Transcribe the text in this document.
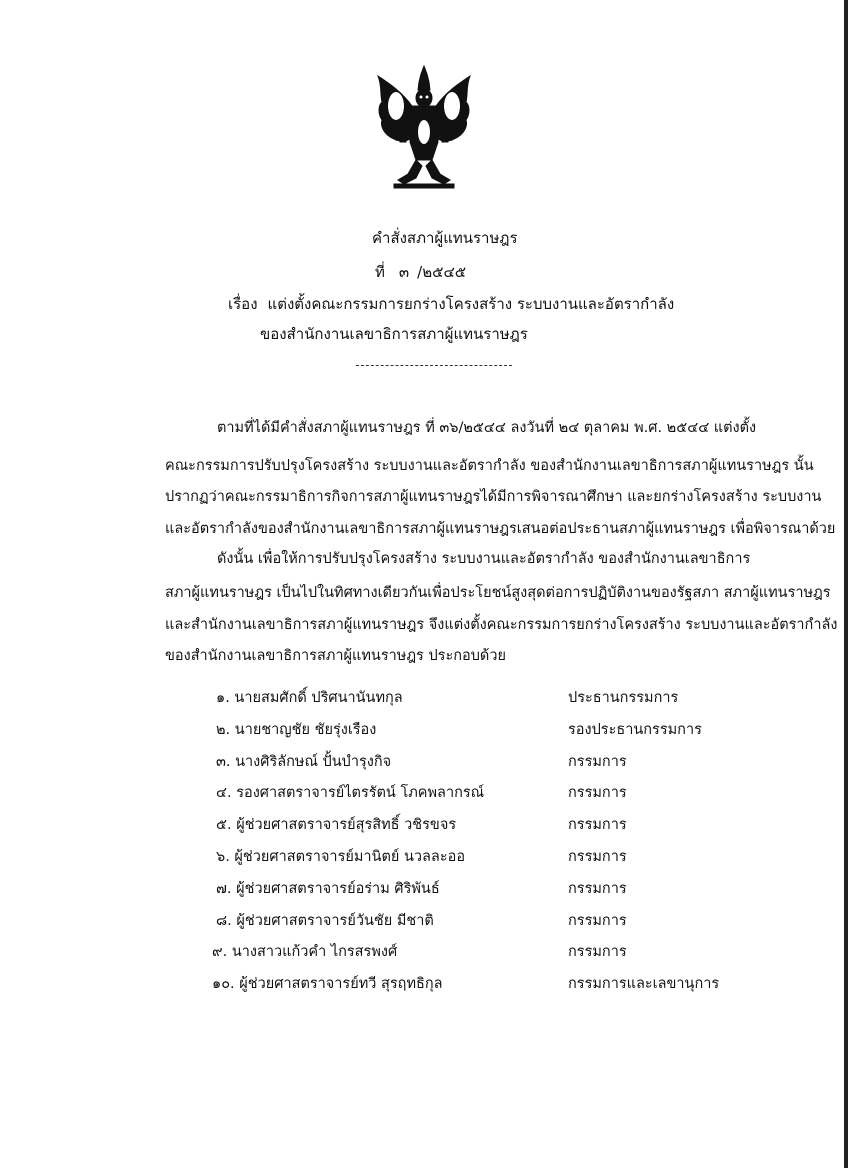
คำสั่งสภาผู้แทนราษฎร
ที่ ๓ /๒๕๔๕
เรื่อง แต่งตั้งคณะกรรมการยกร่างโครงสร้าง ระบบงานและอัตรากำลัง
ของสำนักงานเลขาธิการสภาผู้แทนราษฎร
ตามที่ได้มีคำสั่งสภาผู้แทนราษฎร ที่ ๓๖/๒๕๔๔ ลงวันที่ ๒๔ ตุลาคม พ.ศ. ๒๕๔๔ แต่งตั้ง
คณะกรรมการปรับปรุงโครงสร้าง ระบบงานและอัตรากำลัง ของสำนักงานเลขาธิการสภาผู้แทนราษฎร นั้น
ปรากฏว่าคณะกรรมาธิการกิจการสภาผู้แทนราษฎรได้มีการพิจารณาศึกษา และยกร่างโครงสร้าง ระบบงาน
และอัตรากำลังของสำนักงานเลขาธิการสภาผู้แทนราษฎรเสนอต่อประธานสภาผู้แทนราษฎร เพื่อพิจารณาด้วย
ดังนั้น เพื่อให้การปรับปรุงโครงสร้าง ระบบงานและอัตรากำลัง ของสำนักงานเลขาธิการ
สภาผู้แทนราษฎร เป็นไปในทิศทางเดียวกันเพื่อประโยชน์สูงสุดต่อการปฏิบัติงานของรัฐสภา สภาผู้แทนราษฎร
และสำนักงานเลขาธิการสภาผู้แทนราษฎร จึงแต่งตั้งคณะกรรมการยกร่างโครงสร้าง ระบบงานและอัตรากำลัง
ของสำนักงานเลขาธิการสภาผู้แทนราษฎร ประกอบด้วย
๑. นายสมศักดิ์ ปริศนานันทกุล	ประธานกรรมการ
๒. นายชาญชัย ชัยรุ่งเรือง	รองประธานกรรมการ
๓. นางศิริลักษณ์ ปั้นบำรุงกิจ	กรรมการ
๔. รองศาสตราจารย์ไตรรัตน์ โภคพลากรณ์	กรรมการ
๕. ผู้ช่วยศาสตราจารย์สุรสิทธิ์ วชิรขจร	กรรมการ
๖. ผู้ช่วยศาสตราจารย์มานิตย์ นวลละออ	กรรมการ
๗. ผู้ช่วยศาสตราจารย์อร่าม ศิริพันธ์	กรรมการ
๘. ผู้ช่วยศาสตราจารย์วันชัย มีชาติ	กรรมการ
๙. นางสาวแก้วคำ ไกรสรพงศ์	กรรมการ
๑๐. ผู้ช่วยศาสตราจารย์ทวี สุรฤทธิกุล	กรรมการและเลขานุการ
